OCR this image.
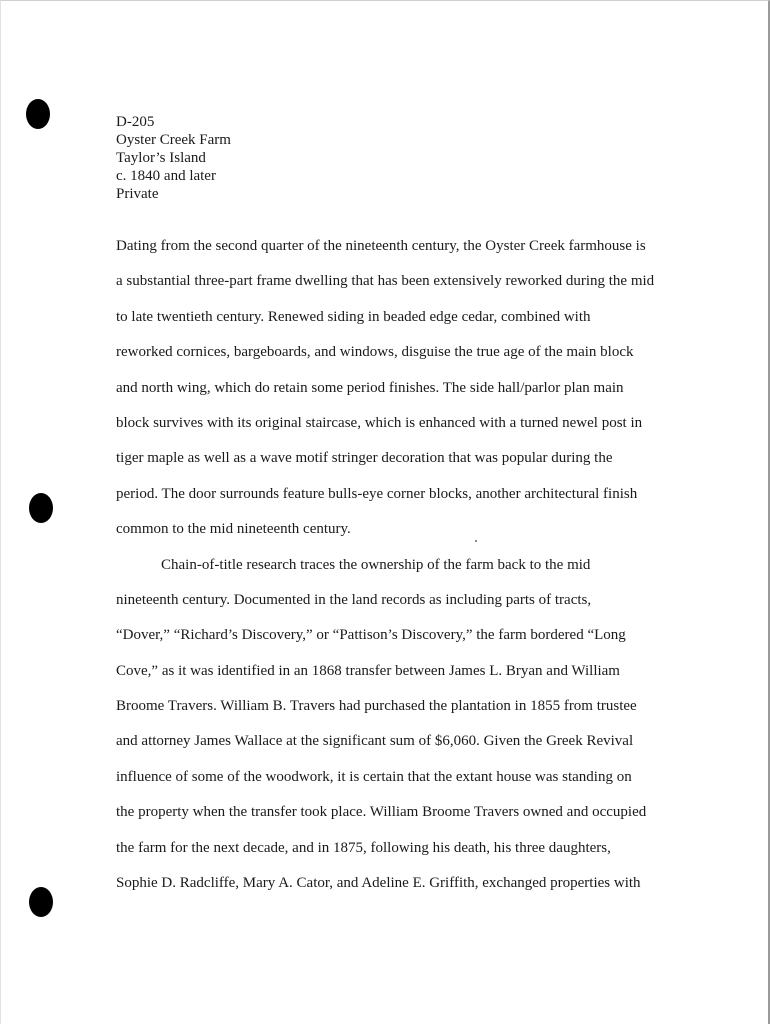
D-205
Oyster Creek Farm
Taylor’s Island
c. 1840 and later
Private
Dating from the second quarter of the nineteenth century, the Oyster Creek farmhouse is
a substantial three-part frame dwelling that has been extensively reworked during the mid
to late twentieth century. Renewed siding in beaded edge cedar, combined with
reworked cornices, bargeboards, and windows, disguise the true age of the main block
and north wing, which do retain some period finishes. The side hall/parlor plan main
block survives with its original staircase, which is enhanced with a turned newel post in
tiger maple as well as a wave motif stringer decoration that was popular during the
period. The door surrounds feature bulls-eye corner blocks, another architectural finish
common to the mid nineteenth century.
Chain-of-title research traces the ownership of the farm back to the mid
nineteenth century. Documented in the land records as including parts of tracts,
“Dover,” “Richard’s Discovery,” or “Pattison’s Discovery,” the farm bordered “Long
Cove,” as it was identified in an 1868 transfer between James L. Bryan and William
Broome Travers. William B. Travers had purchased the plantation in 1855 from trustee
and attorney James Wallace at the significant sum of $6,060. Given the Greek Revival
influence of some of the woodwork, it is certain that the extant house was standing on
the property when the transfer took place. William Broome Travers owned and occupied
the farm for the next decade, and in 1875, following his death, his three daughters,
Sophie D. Radcliffe, Mary A. Cator, and Adeline E. Griffith, exchanged properties with
